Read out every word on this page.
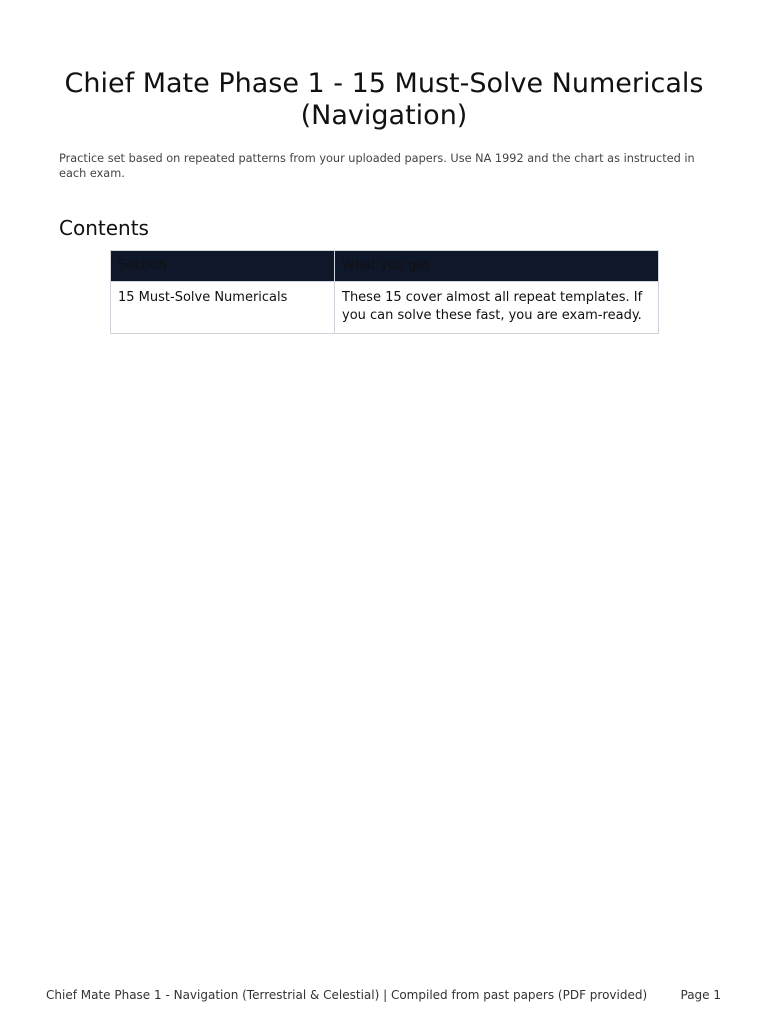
Chief Mate Phase 1 - 15 Must-Solve Numericals (Navigation)

Practice set based on repeated patterns from your uploaded papers. Use NA 1992 and the chart as instructed in each exam.

Contents
Section	What you get
15 Must-Solve Numericals	These 15 cover almost all repeat templates. If you can solve these fast, you are exam-ready.

Chief Mate Phase 1 - Navigation (Terrestrial & Celestial) | Compiled from past papers (PDF provided)	Page 1
